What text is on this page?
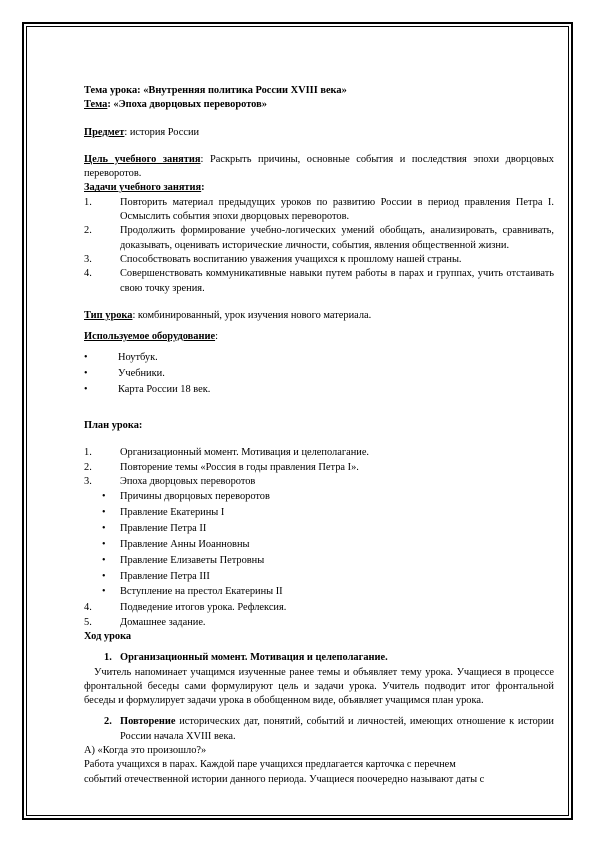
Тема урока: «Внутренняя политика России XVIII века»

Тема: «Эпоха дворцовых переворотов»

Предмет: история России

Цель учебного занятия: Раскрыть причины, основные события и последствия эпохи дворцовых переворотов.

Задачи учебного занятия:

1.	Повторить материал предыдущих уроков по развитию России в период правления Петра I. Осмыслить события эпохи дворцовых переворотов.
2.	Продолжить формирование учебно-логических умений обобщать, анализировать, сравнивать, доказывать, оценивать исторические личности, события, явления общественной жизни.
3.	Способствовать воспитанию уважения учащихся к прошлому нашей страны.
4.	Совершенствовать коммуникативные навыки путем работы в парах и группах, учить отстаивать свою точку зрения.

Тип урока: комбинированный, урок изучения нового материала.

Используемое оборудование:

•	Ноутбук.
•	Учебники.
•	Карта России 18 век.

План урока:

1.	Организационный момент. Мотивация и целеполагание.
2.	Повторение темы «Россия в годы правления Петра I».
3.	Эпоха дворцовых переворотов
•	Причины дворцовых переворотов
•	Правление Екатерины I
•	Правление Петра II
•	Правление Анны Иоанновны
•	Правление Елизаветы Петровны
•	Правление Петра III
•	Вступление на престол Екатерины II
4.	Подведение итогов урока. Рефлексия.
5.	Домашнее задание.

Ход урока

1. Организационный момент. Мотивация и целеполагание.

Учитель напоминает учащимся изученные ранее темы и объявляет тему урока. Учащиеся в процессе фронтальной беседы сами формулируют цель и задачи урока. Учитель подводит итог фронтальной беседы и формулирует задачи урока в обобщенном виде, объявляет учащимся план урока.

2. Повторение исторических дат, понятий, событий и личностей, имеющих отношение к истории России начала XVIII века.

А) «Когда это произошло?»

Работа учащихся в парах. Каждой паре учащихся предлагается карточка с перечнем

событий отечественной истории данного периода. Учащиеся поочередно называют даты с
